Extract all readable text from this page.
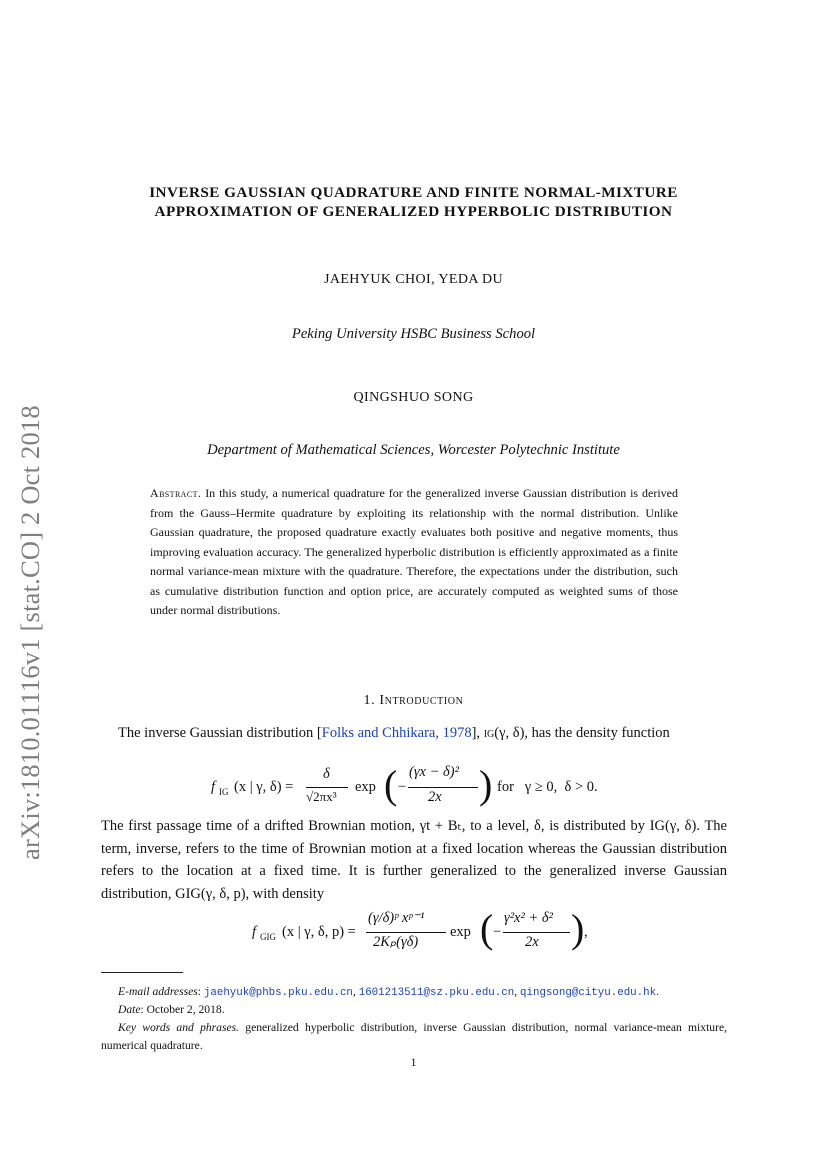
arXiv:1810.01116v1 [stat.CO] 2 Oct 2018
INVERSE GAUSSIAN QUADRATURE AND FINITE NORMAL-MIXTURE
APPROXIMATION OF GENERALIZED HYPERBOLIC DISTRIBUTION
JAEHYUK CHOI, YEDA DU
Peking University HSBC Business School
QINGSHUO SONG
Department of Mathematical Sciences, Worcester Polytechnic Institute
Abstract. In this study, a numerical quadrature for the generalized inverse Gaussian distribution is derived from the Gauss–Hermite quadrature by exploiting its relationship with the normal distribution. Unlike Gaussian quadrature, the proposed quadrature exactly evaluates both positive and negative moments, thus improving evaluation accuracy. The generalized hyperbolic distribution is efficiently approximated as a finite normal variance-mean mixture with the quadrature. Therefore, the expectations under the distribution, such as cumulative distribution function and option price, are accurately computed as weighted sums of those under normal distributions.
1. Introduction
The inverse Gaussian distribution [Folks and Chhikara, 1978], ig(γ, δ), has the density function
f IG (x | γ, δ) =
δ
√2πx³
exp ( −
(γx − δ)²
2x ) for   γ ≥ 0,  δ > 0.
The first passage time of a drifted Brownian motion, γt + Bₜ, to a level, δ, is distributed by IG(γ, δ). The term, inverse, refers to the time of Brownian motion at a fixed location whereas the Gaussian distribution refers to the location at a fixed time. It is further generalized to the generalized inverse Gaussian distribution, GIG(γ, δ, p), with density
f GIG (x | γ, δ, p) =
(γ/δ)ᵖ xᵖ⁻¹
2Kₚ(γδ)
exp ( −
γ²x² + δ²
2x ) ,
E-mail addresses: jaehyuk@phbs.pku.edu.cn, 1601213511@sz.pku.edu.cn, qingsong@cityu.edu.hk.
Date: October 2, 2018.
Key words and phrases. generalized hyperbolic distribution, inverse Gaussian distribution, normal variance-mean mixture, numerical quadrature.
1
